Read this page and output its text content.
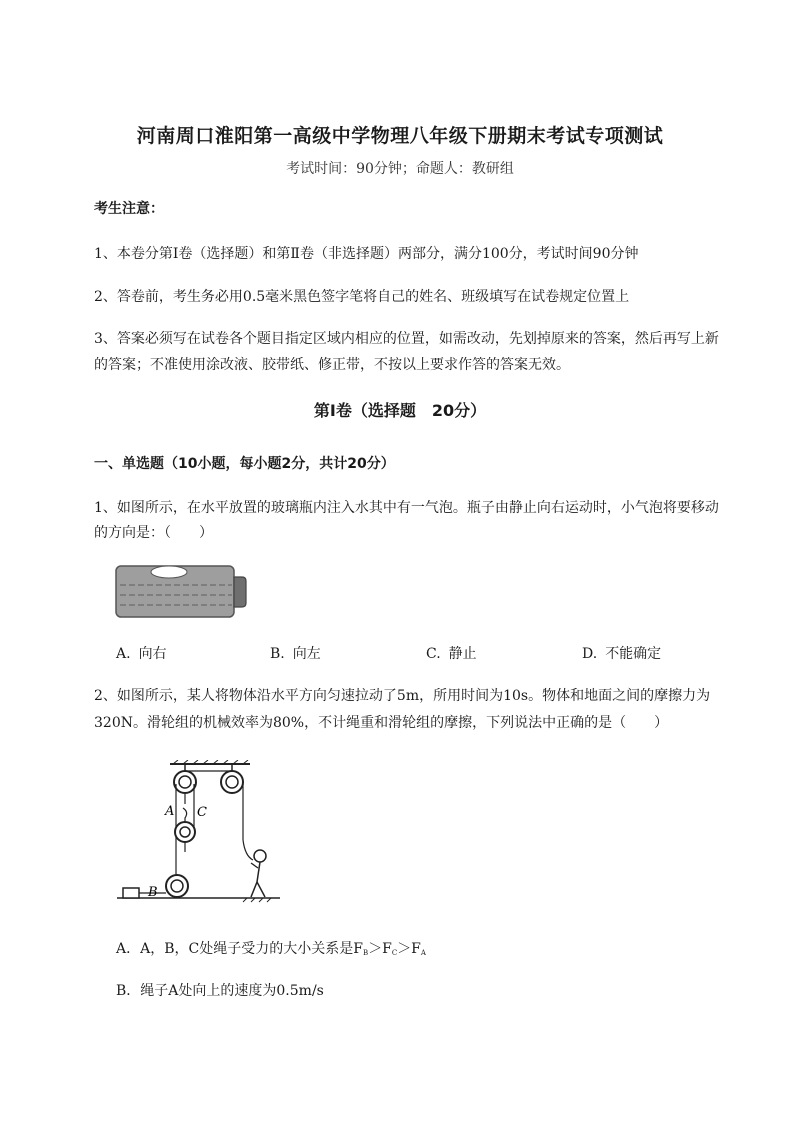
河南周口淮阳第一高级中学物理八年级下册期末考试专项测试
考试时间：90分钟；命题人：教研组
考生注意：
1、本卷分第I卷（选择题）和第Ⅱ卷（非选择题）两部分，满分100分，考试时间90分钟
2、答卷前，考生务必用0.5毫米黑色签字笔将自己的姓名、班级填写在试卷规定位置上
3、答案必须写在试卷各个题目指定区域内相应的位置，如需改动，先划掉原来的答案，然后再写上新
的答案；不准使用涂改液、胶带纸、修正带，不按以上要求作答的答案无效。
第I卷（选择题　20分）
一、单选题（10小题，每小题2分，共计20分）
1、如图所示，在水平放置的玻璃瓶内注入水其中有一气泡。瓶子由静止向右运动时，小气泡将要移动
的方向是：（　　）
A. 向右	B. 向左	C. 静止	D. 不能确定
2、如图所示，某人将物体沿水平方向匀速拉动了5m，所用时间为10s。物体和地面之间的摩擦力为
320N。滑轮组的机械效率为80%，不计绳重和滑轮组的摩擦，下列说法中正确的是（　　）
A C
B
A．A，B，C处绳子受力的大小关系是$F_B>F_C>F_A$
B．绳子A处向上的速度为0.5m/s
